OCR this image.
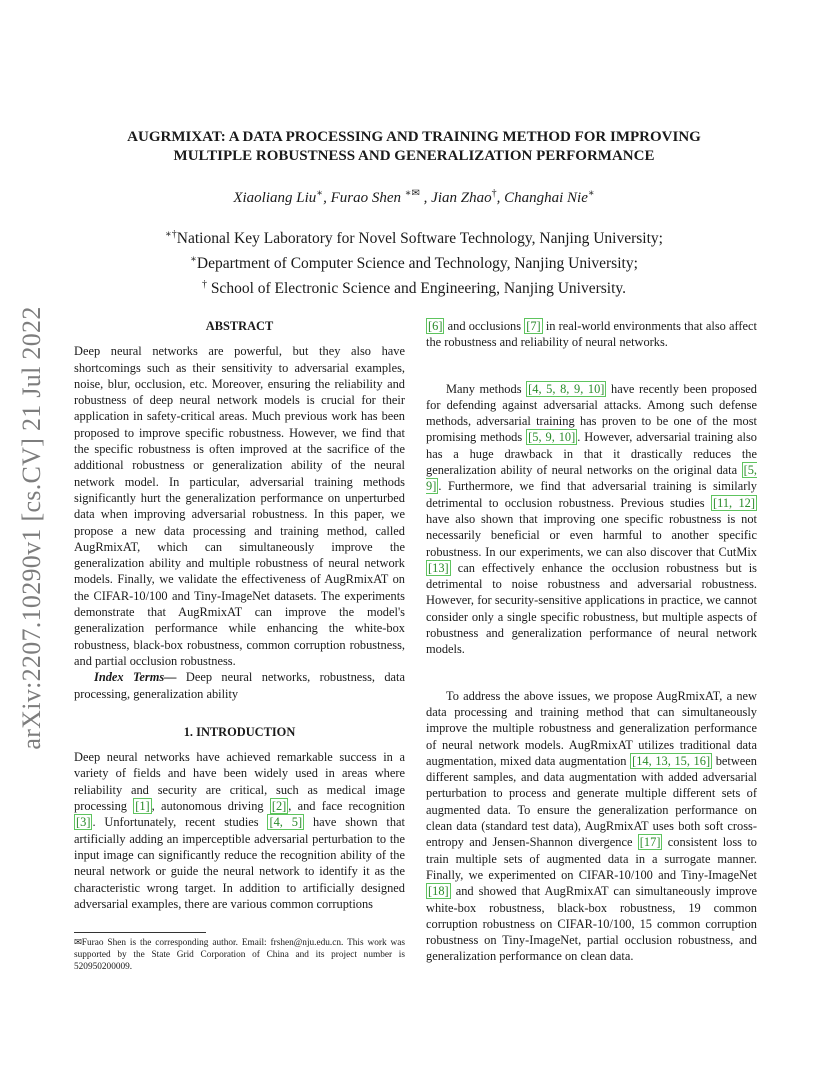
arXiv:2207.10290v1 [cs.CV] 21 Jul 2022
AUGRMIXAT: A DATA PROCESSING AND TRAINING METHOD FOR IMPROVING
MULTIPLE ROBUSTNESS AND GENERALIZATION PERFORMANCE
Xiaoliang Liu∗, Furao Shen ∗✉ , Jian Zhao†, Changhai Nie∗
∗†National Key Laboratory for Novel Software Technology, Nanjing University;
∗Department of Computer Science and Technology, Nanjing University;
† School of Electronic Science and Engineering, Nanjing University.
ABSTRACT

Deep neural networks are powerful, but they also have shortcomings such as their sensitivity to adversarial examples, noise, blur, occlusion, etc. Moreover, ensuring the reliability and robustness of deep neural network models is crucial for their application in safety-critical areas. Much previous work has been proposed to improve specific robustness. However, we find that the specific robustness is often improved at the sacrifice of the additional robustness or generalization ability of the neural network model. In particular, adversarial training methods significantly hurt the generalization performance on unperturbed data when improving adversarial robustness. In this paper, we propose a new data processing and training method, called AugRmixAT, which can simultaneously improve the generalization ability and multiple robustness of neural network models. Finally, we validate the effectiveness of AugRmixAT on the CIFAR-10/100 and Tiny-ImageNet datasets. The experiments demonstrate that AugRmixAT can improve the model's generalization performance while enhancing the white-box robustness, black-box robustness, common corruption robustness, and partial occlusion robustness.

Index Terms— Deep neural networks, robustness, data processing, generalization ability

1. INTRODUCTION

Deep neural networks have achieved remarkable success in a variety of fields and have been widely used in areas where reliability and security are critical, such as medical image processing [1] , autonomous driving [2] , and face recognition [3] . Unfortunately, recent studies [4, 5] have shown that artificially adding an imperceptible adversarial perturbation to the input image can significantly reduce the recognition ability of the neural network or guide the neural network to identify it as the characteristic wrong target. In addition to artificially designed adversarial examples, there are various common corruptions

[6] and occlusions [7] in real-world environments that also affect the robustness and reliability of neural networks.

Many methods [4, 5, 8, 9, 10] have recently been proposed for defending against adversarial attacks. Among such defense methods, adversarial training has proven to be one of the most promising methods [5, 9, 10] . However, adversarial training also has a huge drawback in that it drastically reduces the generalization ability of neural networks on the original data [5, 9] . Furthermore, we find that adversarial training is similarly detrimental to occlusion robustness. Previous studies [11, 12] have also shown that improving one specific robustness is not necessarily beneficial or even harmful to another specific robustness. In our experiments, we can also discover that CutMix [13] can effectively enhance the occlusion robustness but is detrimental to noise robustness and adversarial robustness. However, for security-sensitive applications in practice, we cannot consider only a single specific robustness, but multiple aspects of robustness and generalization performance of neural network models.

To address the above issues, we propose AugRmixAT, a new data processing and training method that can simultaneously improve the multiple robustness and generalization performance of neural network models. AugRmixAT utilizes traditional data augmentation, mixed data augmentation [14, 13, 15, 16] between different samples, and data augmentation with added adversarial perturbation to process and generate multiple different sets of augmented data. To ensure the generalization performance on clean data (standard test data), AugRmixAT uses both soft cross-entropy and Jensen-Shannon divergence [17] consistent loss to train multiple sets of augmented data in a surrogate manner. Finally, we experimented on CIFAR-10/100 and Tiny-ImageNet [18] and showed that AugRmixAT can simultaneously improve white-box robustness, black-box robustness, 19 common corruption robustness on CIFAR-10/100, 15 common corruption robustness on Tiny-ImageNet, partial occlusion robustness, and generalization performance on clean data.

✉Furao Shen is the corresponding author. Email: frshen@nju.edu.cn. This work was supported by the State Grid Corporation of China and its project number is 520950200009.
